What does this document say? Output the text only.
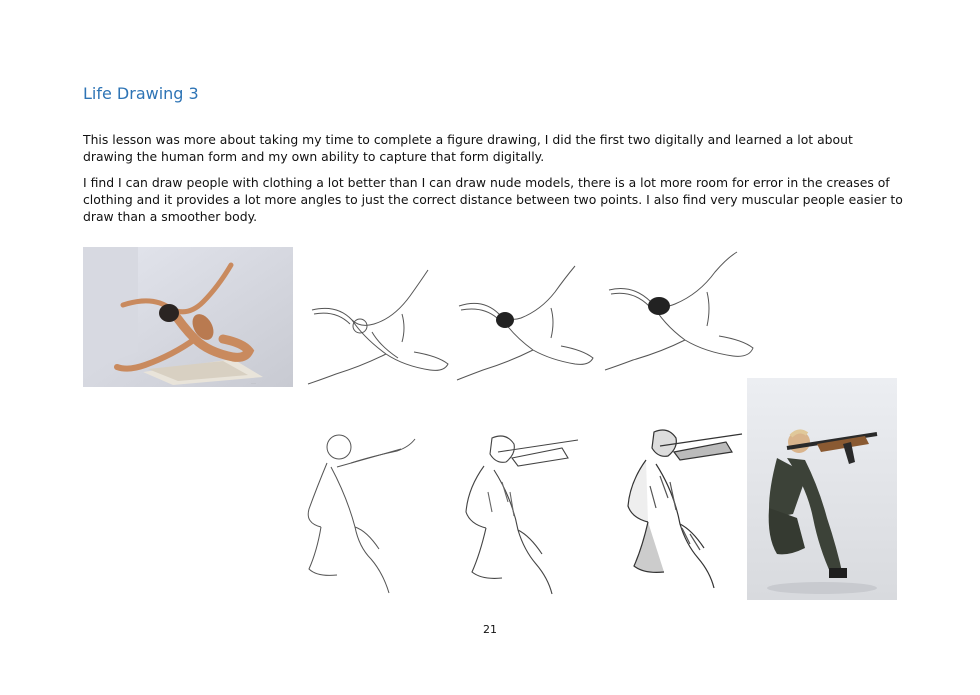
Life Drawing 3

This lesson was more about taking my time to complete a figure drawing, I did the first two digitally and learned a lot about drawing the human form and my own ability to capture that form digitally.

I find I can draw people with clothing a lot better than I can draw nude models, there is a lot more room for error in the creases of clothing and it provides a lot more angles to just the correct distance between two points. I also find very muscular people easier to draw than a smoother body.

·····
21
